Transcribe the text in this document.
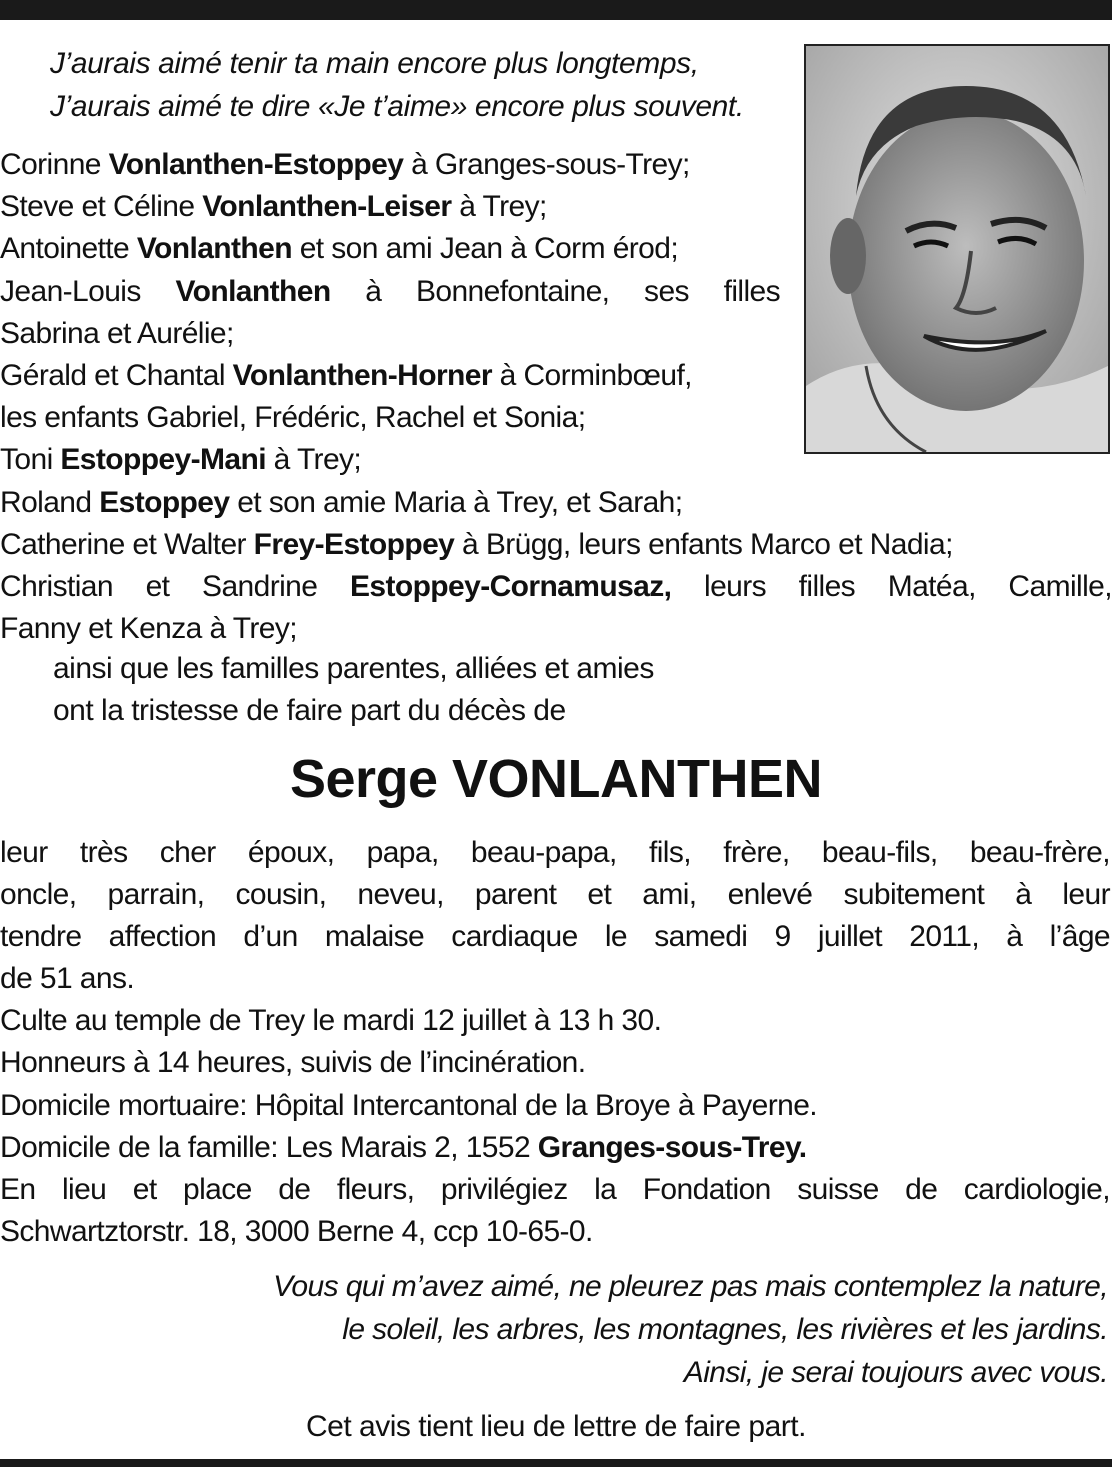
J’aurais aimé tenir ta main encore plus longtemps,
J’aurais aimé te dire «Je t’aime» encore plus souvent.
Corinne Vonlanthen-Estoppey à Granges-sous-Trey;
Steve et Céline Vonlanthen-Leiser à Trey;
Antoinette Vonlanthen et son ami Jean à Corm érod;
Jean-Louis Vonlanthen à Bonnefontaine, ses filles
Sabrina et Aurélie;
Gérald et Chantal Vonlanthen-Horner à Corminbœuf,
les enfants Gabriel, Frédéric, Rachel et Sonia;
Toni Estoppey-Mani à Trey;
Roland Estoppey et son amie Maria à Trey, et Sarah;
Catherine et Walter Frey-Estoppey à Brügg, leurs enfants Marco et Nadia;
Christian et Sandrine Estoppey-Cornamusaz, leurs filles Matéa, Camille,
Fanny et Kenza à Trey;
ainsi que les familles parentes, alliées et amies
ont la tristesse de faire part du décès de
Serge VONLANTHEN
leur très cher époux, papa, beau-papa, fils, frère, beau-fils, beau-frère,
oncle, parrain, cousin, neveu, parent et ami, enlevé subitement à leur
tendre affection d’un malaise cardiaque le samedi 9 juillet 2011, à l’âge
de 51 ans.
Culte au temple de Trey le mardi 12 juillet à 13 h 30.
Honneurs à 14 heures, suivis de l’incinération.
Domicile mortuaire: Hôpital Intercantonal de la Broye à Payerne.
Domicile de la famille: Les Marais 2, 1552 Granges-sous-Trey.
En lieu et place de fleurs, privilégiez la Fondation suisse de cardiologie,
Schwartztorstr. 18, 3000 Berne 4, ccp 10-65-0.
Vous qui m’avez aimé, ne pleurez pas mais contemplez la nature,
le soleil, les arbres, les montagnes, les rivières et les jardins.
Ainsi, je serai toujours avec vous.
Cet avis tient lieu de lettre de faire part.
